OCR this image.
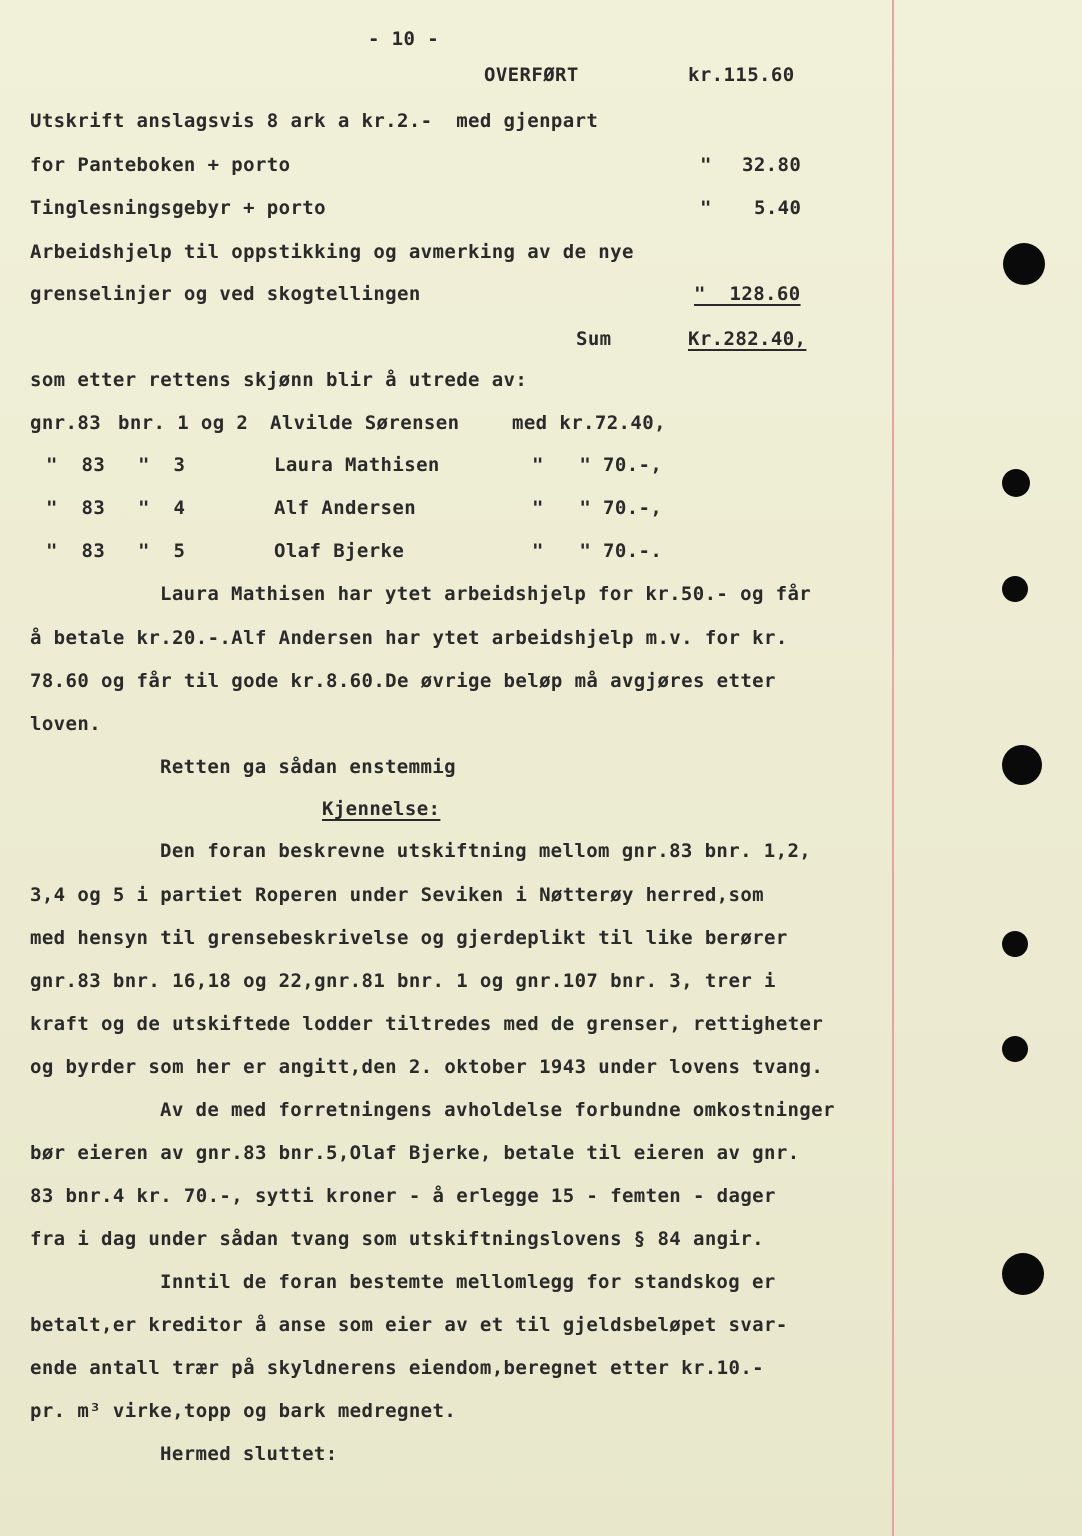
- 10 -
OVERFØRT	kr.115.60
Utskrift anslagsvis 8 ark a kr.2.-  med gjenpart
for Panteboken + porto	" 32.80
Tinglesningsgebyr + porto	" 5.40
Arbeidshjelp til oppstikking og avmerking av de nye
grenselinjer og ved skogtellingen	"  128.60
Sum	Kr.282.40,
som etter rettens skjønn blir å utrede av:
gnr.83 bnr. 1 og 2 Alvilde Sørensen	med kr.72.40,
"  83 "  3	Laura Mathisen	"   " 70.-,
"  83 "  4	Alf Andersen	"   " 70.-,
"  83 "  5	Olaf Bjerke	"   " 70.-.
Laura Mathisen har ytet arbeidshjelp for kr.50.- og får
å betale kr.20.-.Alf Andersen har ytet arbeidshjelp m.v. for kr.
78.60 og får til gode kr.8.60.De øvrige beløp må avgjøres etter
loven.
Retten ga sådan enstemmig
Kjennelse:
Den foran beskrevne utskiftning mellom gnr.83 bnr. 1,2,
3,4 og 5 i partiet Roperen under Seviken i Nøtterøy herred,som
med hensyn til grensebeskrivelse og gjerdeplikt til like berører
gnr.83 bnr. 16,18 og 22,gnr.81 bnr. 1 og gnr.107 bnr. 3, trer i
kraft og de utskiftede lodder tiltredes med de grenser, rettigheter
og byrder som her er angitt,den 2. oktober 1943 under lovens tvang.
Av de med forretningens avholdelse forbundne omkostninger
bør eieren av gnr.83 bnr.5,Olaf Bjerke, betale til eieren av gnr.
83 bnr.4 kr. 70.-, sytti kroner - å erlegge 15 - femten - dager
fra i dag under sådan tvang som utskiftningslovens § 84 angir.
Inntil de foran bestemte mellomlegg for standskog er
betalt,er kreditor å anse som eier av et til gjeldsbeløpet svar-
ende antall trær på skyldnerens eiendom,beregnet etter kr.10.-
pr. m³ virke,topp og bark medregnet.
Hermed sluttet:
